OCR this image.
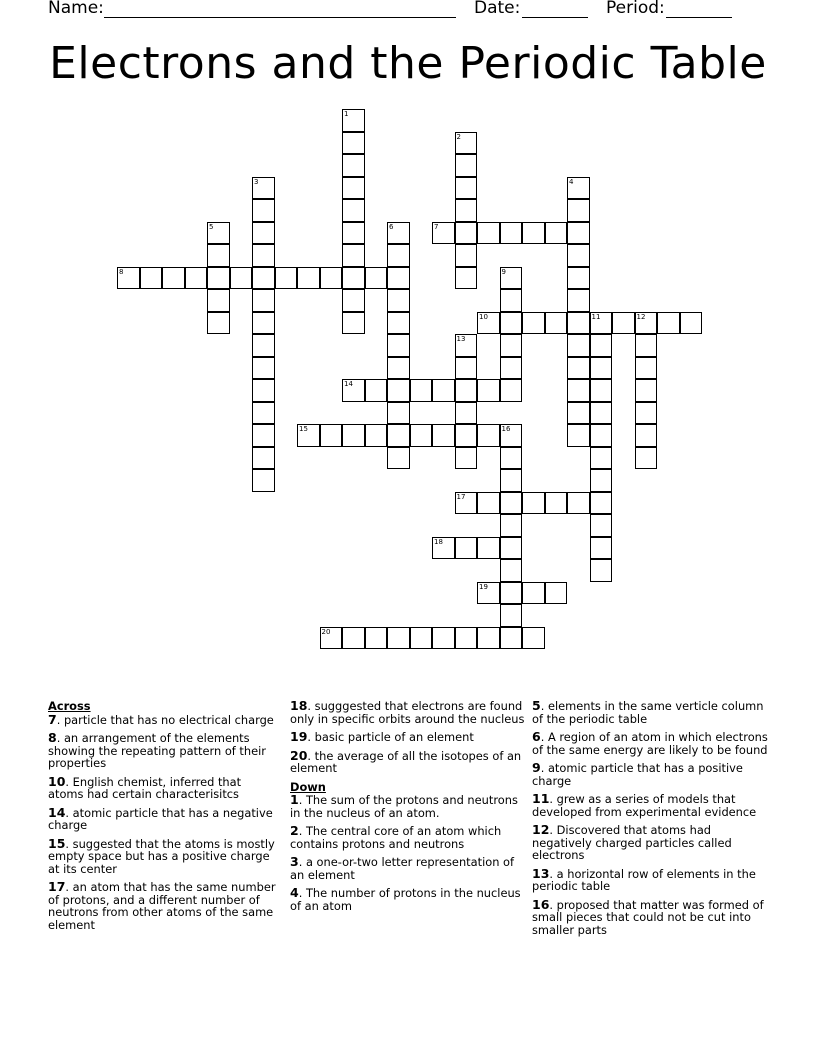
Name:	Date:	Period:
Electrons and the Periodic Table
1
2
3	4
5	6	7
8	9
10	11	12
13
14
15	16
17
18
19
20
Across
7. particle that has no electrical charge
8. an arrangement of the elements showing the repeating pattern of their properties
10. English chemist, inferred that atoms had certain characterisitcs
14. atomic particle that has a negative charge
15. suggested that the atoms is mostly empty space but has a positive charge at its center
17. an atom that has the same number of protons, and a different number of neutrons from other atoms of the same element
18. sugggested that electrons are found only in specific orbits around the nucleus
19. basic particle of an element
20. the average of all the isotopes of an element
Down
1. The sum of the protons and neutrons in the nucleus of an atom.
2. The central core of an atom which contains protons and neutrons
3. a one-or-two letter representation of an element
4. The number of protons in the nucleus of an atom
5. elements in the same verticle column of the periodic table
6. A region of an atom in which electrons of the same energy are likely to be found
9. atomic particle that has a positive charge
11. grew as a series of models that developed from experimental evidence
12. Discovered that atoms had negatively charged particles called electrons
13. a horizontal row of elements in the periodic table
16. proposed that matter was formed of small pieces that could not be cut into smaller parts
